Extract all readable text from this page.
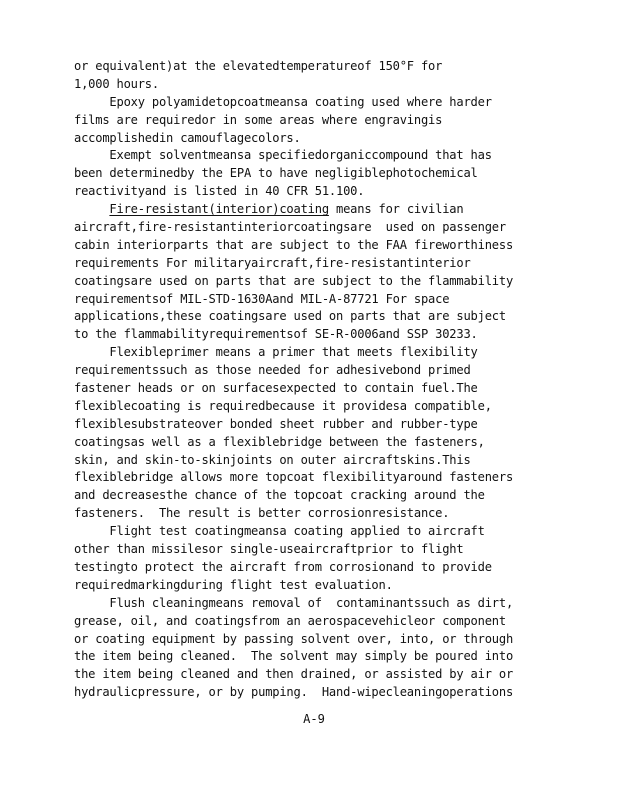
or equivalent)at the elevatedtemperatureof 150°F for
1,000 hours.
Epoxy polyamidetopcoatmeansa coating used where harder
films are requiredor in some areas where engravingis
accomplishedin camouflagecolors.
Exempt solventmeansa specifiedorganiccompound that has
been determinedby the EPA to have negligiblephotochemical
reactivityand is listed in 40 CFR 51.100.
Fire-resistant(interior)coating means for civilian
aircraft,fire-resistantinteriorcoatingsare  used on passenger
cabin interiorparts that are subject to the FAA fireworthiness
requirements For militaryaircraft,fire-resistantinterior
coatingsare used on parts that are subject to the flammability
requirementsof MIL-STD-1630Aand MIL-A-87721 For space
applications,these coatingsare used on parts that are subject
to the flammabilityrequirementsof SE-R-0006and SSP 30233.
Flexibleprimer means a primer that meets flexibility
requirementssuch as those needed for adhesivebond primed
fastener heads or on surfacesexpected to contain fuel.The
flexiblecoating is requiredbecause it providesa compatible,
flexiblesubstrateover bonded sheet rubber and rubber-type
coatingsas well as a flexiblebridge between the fasteners,
skin, and skin-to-skinjoints on outer aircraftskins.This
flexiblebridge allows more topcoat flexibilityaround fasteners
and decreasesthe chance of the topcoat cracking around the
fasteners.  The result is better corrosionresistance.
Flight test coatingmeansa coating applied to aircraft
other than missilesor single-useaircraftprior to flight
testingto protect the aircraft from corrosionand to provide
requiredmarkingduring flight test evaluation.
Flush cleaningmeans removal of  contaminantssuch as dirt,
grease, oil, and coatingsfrom an aerospacevehicleor component
or coating equipment by passing solvent over, into, or through
the item being cleaned.  The solvent may simply be poured into
the item being cleaned and then drained, or assisted by air or
hydraulicpressure, or by pumping.  Hand-wipecleaningoperations
A-9
